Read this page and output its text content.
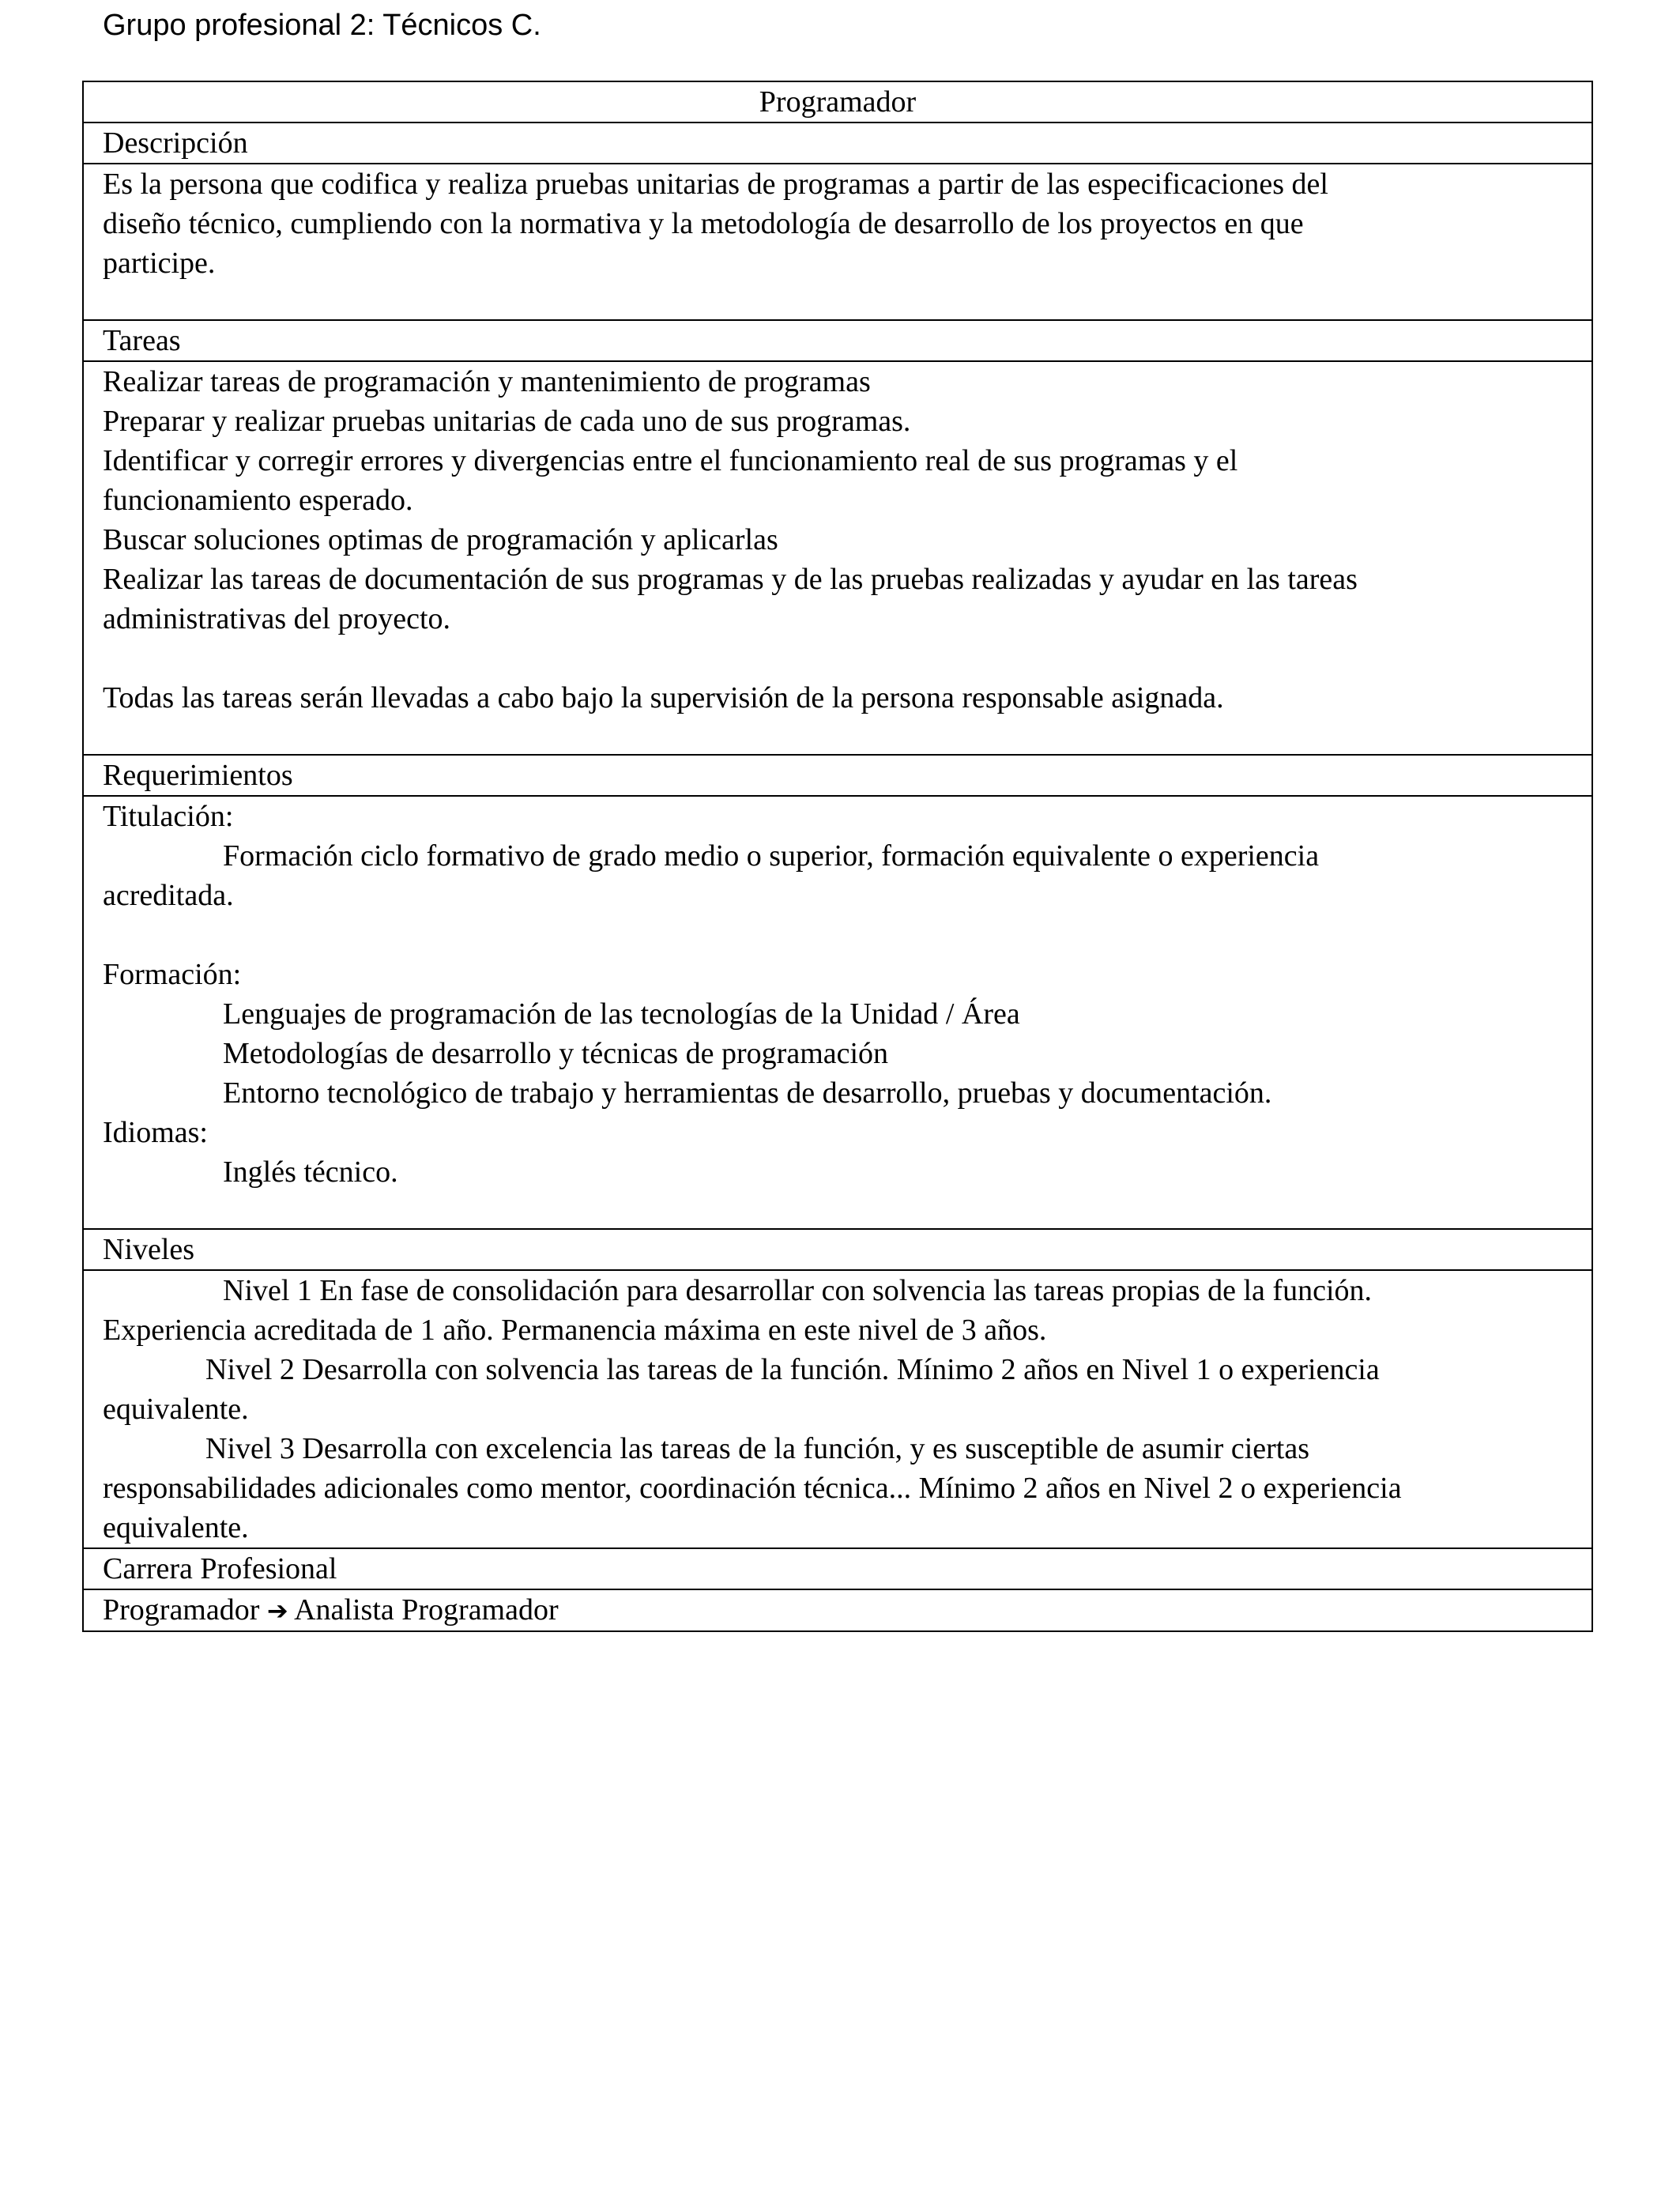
Grupo profesional 2: Técnicos C.
Programador
Descripción

Es la persona que codifica y realiza pruebas unitarias de programas a partir de las especificaciones del
diseño técnico, cumpliendo con la normativa y la metodología de desarrollo de los proyectos en que
participe.

Tareas

Realizar tareas de programación y mantenimiento de programas
Preparar y realizar pruebas unitarias de cada uno de sus programas.
Identificar y corregir errores y divergencias entre el funcionamiento real de sus programas y el
funcionamiento esperado.
Buscar soluciones optimas de programación y aplicarlas
Realizar las tareas de documentación de sus programas y de las pruebas realizadas y ayudar en las tareas
administrativas del proyecto.
Todas las tareas serán llevadas a cabo bajo la supervisión de la persona responsable asignada.

Requerimientos

Titulación:
Formación ciclo formativo de grado medio o superior, formación equivalente o experiencia
acreditada.
Formación:
Lenguajes de programación de las tecnologías de la Unidad / Área
Metodologías de desarrollo y técnicas de programación
Entorno tecnológico de trabajo y herramientas de desarrollo, pruebas y documentación.
Idiomas:
Inglés técnico.

Niveles

Nivel 1 En fase de consolidación para desarrollar con solvencia las tareas propias de la función.
Experiencia acreditada de 1 año. Permanencia máxima en este nivel de 3 años.
Nivel 2 Desarrolla con solvencia las tareas de la función. Mínimo 2 años en Nivel 1 o experiencia
equivalente.
Nivel 3 Desarrolla con excelencia las tareas de la función, y es susceptible de asumir ciertas
responsabilidades adicionales como mentor, coordinación técnica... Mínimo 2 años en Nivel 2 o experiencia
equivalente.

Carrera Profesional
Programador ➔ Analista Programador
